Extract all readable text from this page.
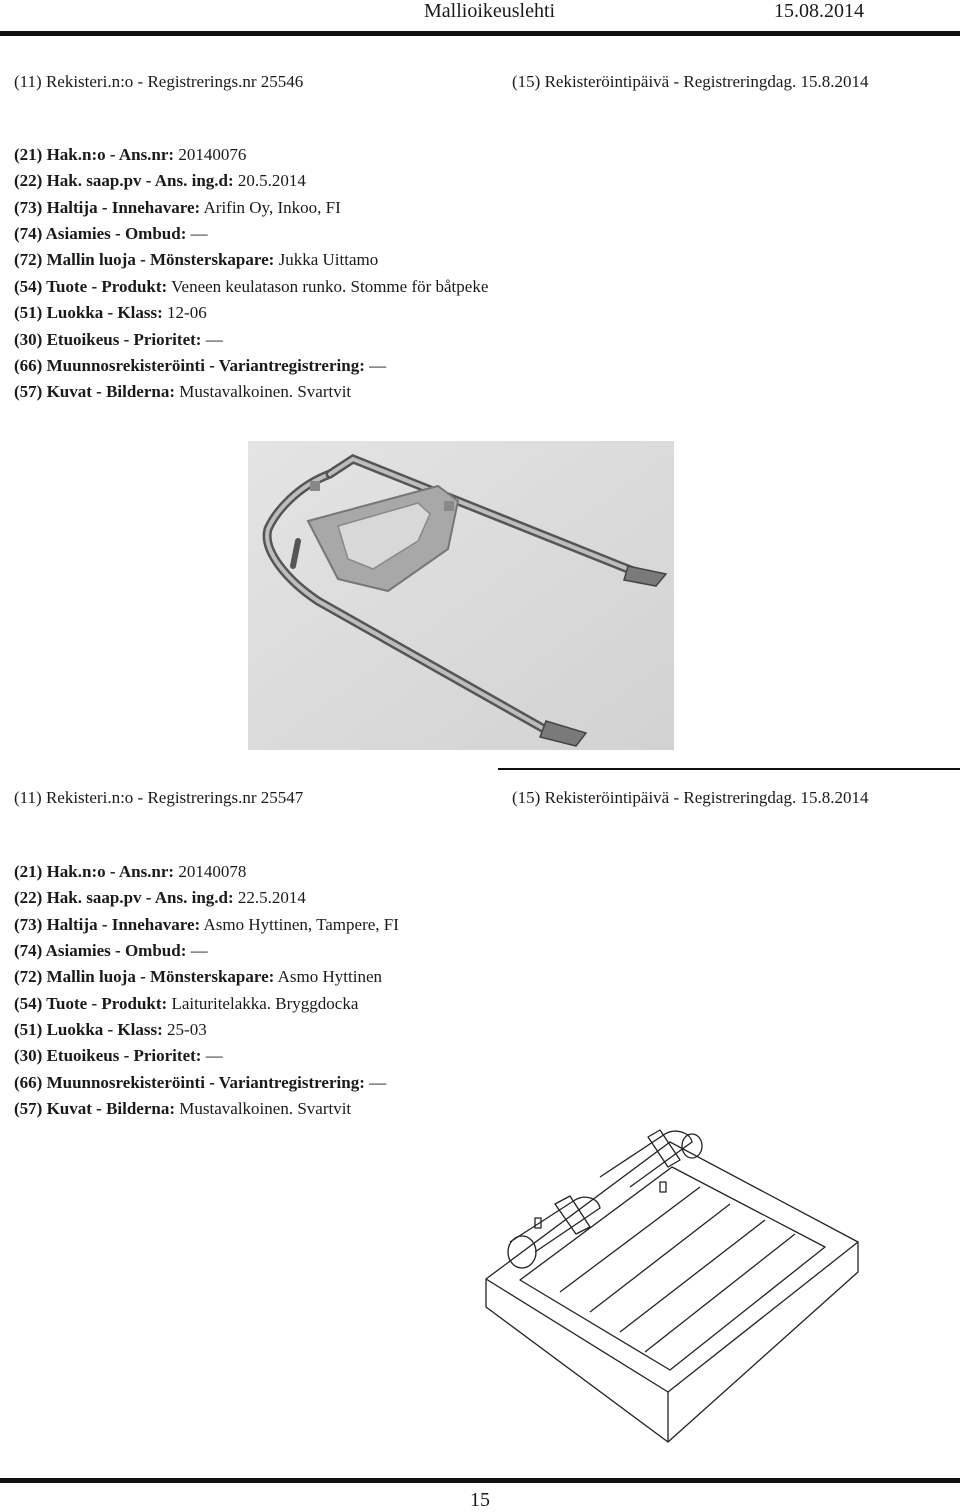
Mallioikeuslehti	15.08.2014
(11) Rekisteri.n:o - Registrerings.nr 25546	(15) Rekisteröintipäivä - Registreringdag. 15.8.2014
(21) Hak.n:o - Ans.nr: 20140076
(22) Hak. saap.pv - Ans. ing.d: 20.5.2014
(73) Haltija - Innehavare: Arifin Oy, Inkoo, FI
(74) Asiamies - Ombud: —
(72) Mallin luoja - Mönsterskapare: Jukka Uittamo
(54) Tuote - Produkt: Veneen keulatason runko. Stomme för båtpeke
(51) Luokka - Klass: 12-06
(30) Etuoikeus - Prioritet: —
(66) Muunnosrekisteröinti - Variantregistrering: —
(57) Kuvat - Bilderna: Mustavalkoinen. Svartvit
(11) Rekisteri.n:o - Registrerings.nr 25547	(15) Rekisteröintipäivä - Registreringdag. 15.8.2014
(21) Hak.n:o - Ans.nr: 20140078
(22) Hak. saap.pv - Ans. ing.d: 22.5.2014
(73) Haltija - Innehavare: Asmo Hyttinen, Tampere, FI
(74) Asiamies - Ombud: —
(72) Mallin luoja - Mönsterskapare: Asmo Hyttinen
(54) Tuote - Produkt: Laituritelakka. Bryggdocka
(51) Luokka - Klass: 25-03
(30) Etuoikeus - Prioritet: —
(66) Muunnosrekisteröinti - Variantregistrering: —
(57) Kuvat - Bilderna: Mustavalkoinen. Svartvit
15
